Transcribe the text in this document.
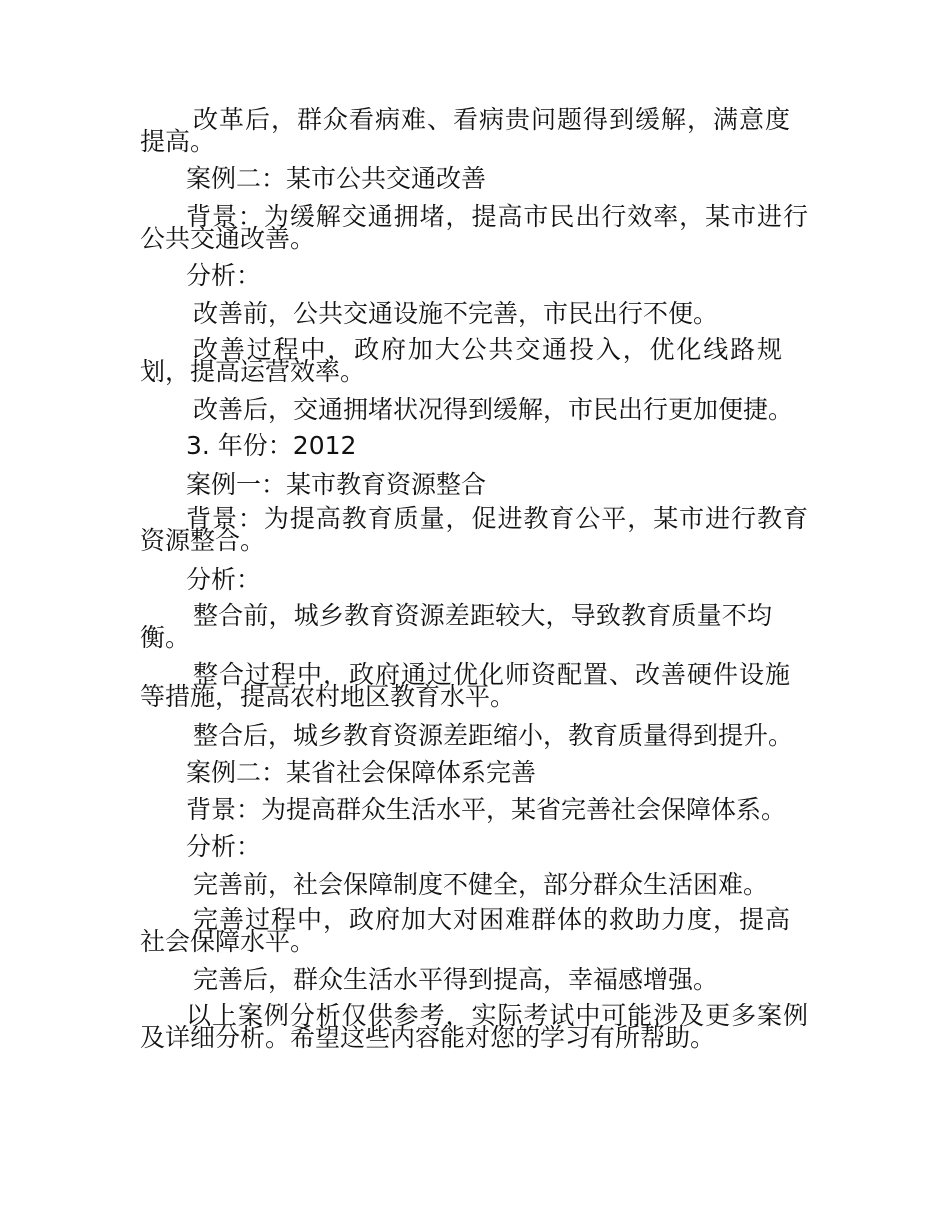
改革后，群众看病难、看病贵问题得到缓解，满意度提高。

案例二：某市公共交通改善

背景：为缓解交通拥堵，提高市民出行效率，某市进行公共交通改善。

分析：

改善前，公共交通设施不完善，市民出行不便。

改善过程中，政府加大公共交通投入，优化线路规划，提高运营效率。

改善后，交通拥堵状况得到缓解，市民出行更加便捷。

3. 年份：2012

案例一：某市教育资源整合

背景：为提高教育质量，促进教育公平，某市进行教育资源整合。

分析：

整合前，城乡教育资源差距较大，导致教育质量不均衡。

整合过程中，政府通过优化师资配置、改善硬件设施等措施，提高农村地区教育水平。

整合后，城乡教育资源差距缩小，教育质量得到提升。

案例二：某省社会保障体系完善

背景：为提高群众生活水平，某省完善社会保障体系。

分析：

完善前，社会保障制度不健全，部分群众生活困难。

完善过程中，政府加大对困难群体的救助力度，提高社会保障水平。

完善后，群众生活水平得到提高，幸福感增强。

以上案例分析仅供参考，实际考试中可能涉及更多案例及详细分析。希望这些内容能对您的学习有所帮助。
